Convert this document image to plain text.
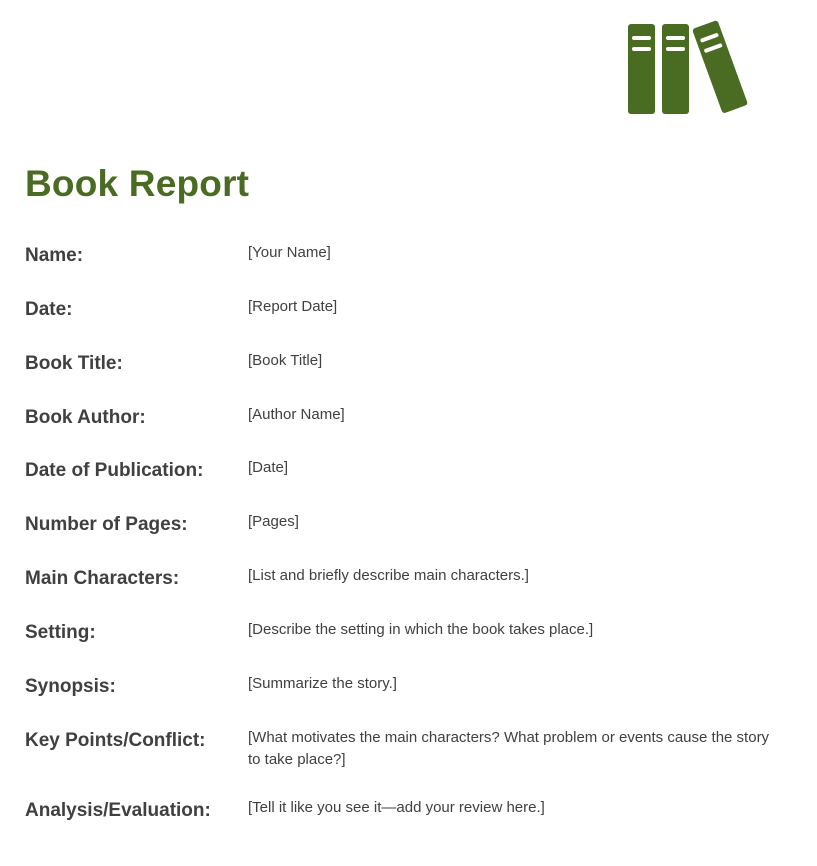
Book Report
Name:	[Your Name]
Date:	[Report Date]
Book Title:	[Book Title]
Book Author:	[Author Name]
Date of Publication:	[Date]
Number of Pages:	[Pages]
Main Characters:	[List and briefly describe main characters.]
Setting:	[Describe the setting in which the book takes place.]
Synopsis:	[Summarize the story.]
Key Points/Conflict:	[What motivates the main characters? What problem or events cause the story to take place?]
Analysis/Evaluation: [Tell it like you see it—add your review here.]
